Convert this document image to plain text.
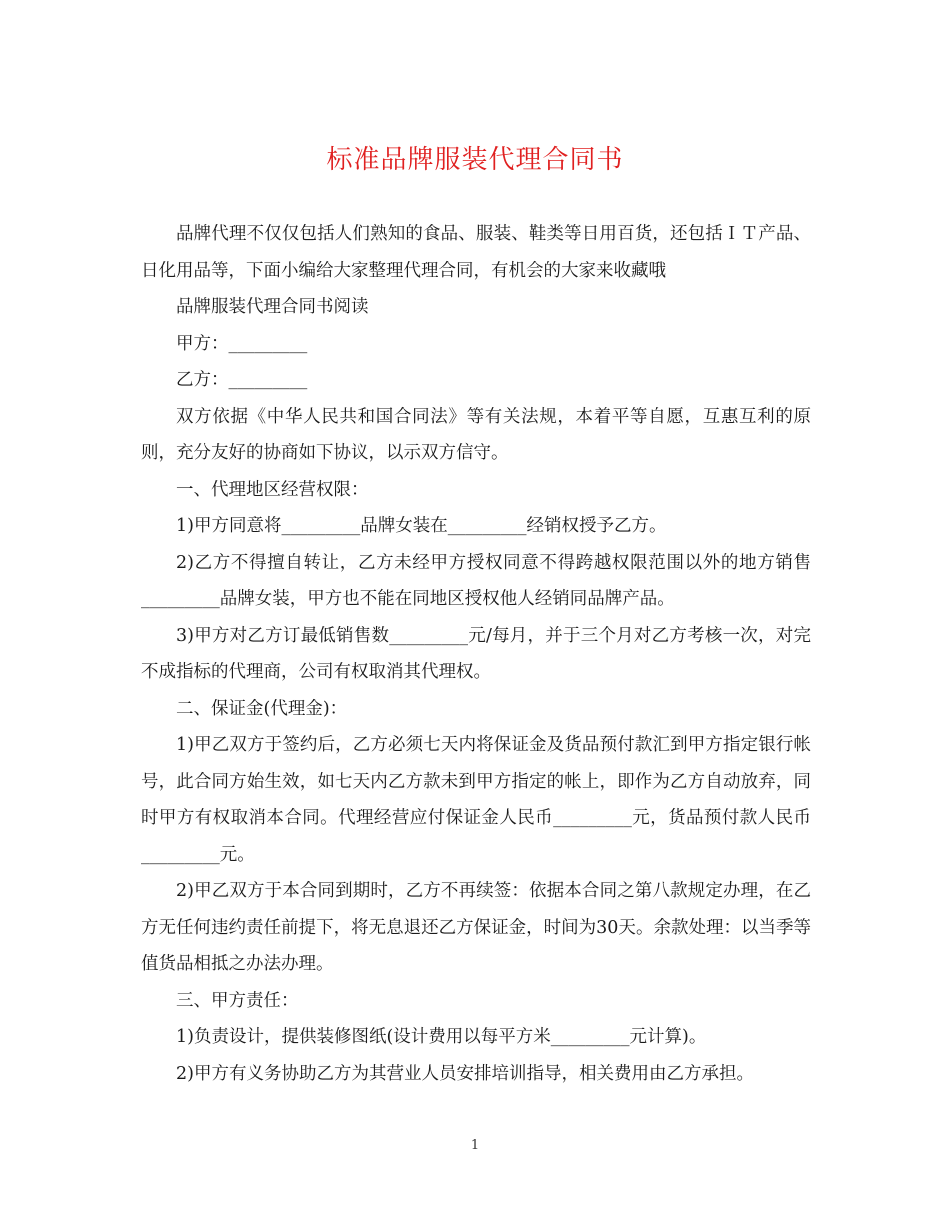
标准品牌服装代理合同书

品牌代理不仅仅包括人们熟知的食品、服装、鞋类等日用百货，还包括ＩＴ产品、日化用品等，下面小编给大家整理代理合同，有机会的大家来收藏哦

品牌服装代理合同书阅读

甲方：_________

乙方：_________

双方依据《中华人民共和国合同法》等有关法规，本着平等自愿，互惠互利的原则，充分友好的协商如下协议，以示双方信守。

一、代理地区经营权限：

1)甲方同意将_________品牌女装在_________经销权授予乙方。

2)乙方不得擅自转让，乙方未经甲方授权同意不得跨越权限范围以外的地方销售_________品牌女装，甲方也不能在同地区授权他人经销同品牌产品。

3)甲方对乙方订最低销售数_________元/每月，并于三个月对乙方考核一次，对完不成指标的代理商，公司有权取消其代理权。

二、保证金(代理金)：

1)甲乙双方于签约后，乙方必须七天内将保证金及货品预付款汇到甲方指定银行帐号，此合同方始生效，如七天内乙方款未到甲方指定的帐上，即作为乙方自动放弃，同时甲方有权取消本合同。代理经营应付保证金人民币_________元，货品预付款人民币_________元。

2)甲乙双方于本合同到期时，乙方不再续签：依据本合同之第八款规定办理，在乙方无任何违约责任前提下，将无息退还乙方保证金，时间为30天。余款处理：以当季等值货品相抵之办法办理。

三、甲方责任：

1)负责设计，提供装修图纸(设计费用以每平方米_________元计算)。

2)甲方有义务协助乙方为其营业人员安排培训指导，相关费用由乙方承担。

1
